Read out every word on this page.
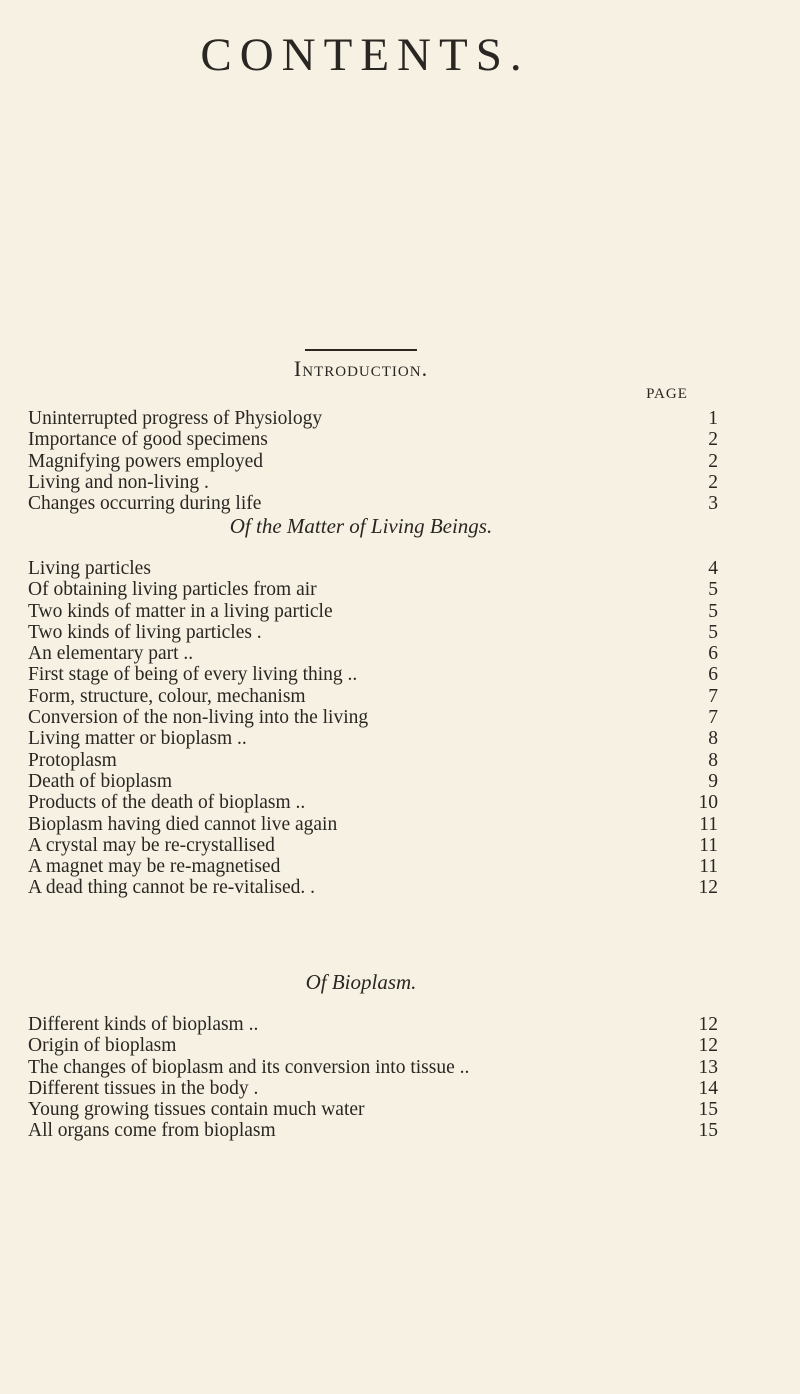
CONTENTS.
Introduction.
PAGE
Uninterrupted progress of Physiology	1
Importance of good specimens	2
Magnifying powers employed	2
Living and non-living .	2
Changes occurring during life	3
Of the Matter of Living Beings.
Living particles	4
Of obtaining living particles from air	5
Two kinds of matter in a living particle	5
Two kinds of living particles .	5
An elementary part ..	6
First stage of being of every living thing ..	6
Form, structure, colour, mechanism	7
Conversion of the non-living into the living	7
Living matter or bioplasm ..	8
Protoplasm	8
Death of bioplasm	9
Products of the death of bioplasm ..	10
Bioplasm having died cannot live again	11
A crystal may be re-crystallised	11
A magnet may be re-magnetised	11
A dead thing cannot be re-vitalised. .	12
Of Bioplasm.
Different kinds of bioplasm ..	12
Origin of bioplasm	12
The changes of bioplasm and its conversion into tissue ..	13
Different tissues in the body .	14
Young growing tissues contain much water	15
All organs come from bioplasm	15
